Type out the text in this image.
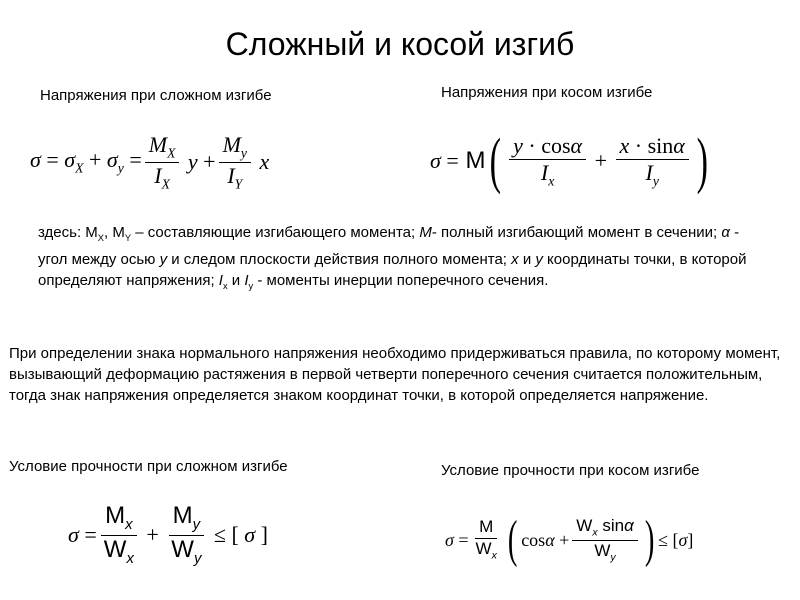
Сложный и косой изгиб
Напряжения при сложном изгибе	Напряжения при косом изгибе
$\sigma = \sigma_X + \sigma_y = \frac{M_X}{I_X}$ $y + \frac{M_y}{I_Y}$ x	σ = M ( $\frac{y \cdot \cos\alpha}{I_x} + \frac{x \cdot \sin\alpha}{I_y}$ )
здесь: $M_X$, $M_Y$ – составляющие изгибающего момента; M- полный изгибающий момент в сечении; α - угол между осью y и следом плоскости действия полного момента; x и y координаты точки, в которой определяют напряжения; $I_x$ и $I_y$ - моменты инерции поперечного сечения.
При определении знака нормального напряжения необходимо придерживаться правила, по которому момент, вызывающий деформацию растяжения в первой четверти поперечного сечения считается положительным, тогда знак напряжения определяется знаком координат точки, в которой определяется напряжение.
Условие прочности при сложном изгибе	Условие прочности при косом изгибе
$\sigma = \frac{M_x}{W_x} + \frac{M_y}{W_y}$ ≤ [ σ ]	$\sigma = \frac{M}{W_x}$ ( $\cos\alpha + \frac{W_x \sin\alpha}{W_y}$ ) ≤ [σ]
